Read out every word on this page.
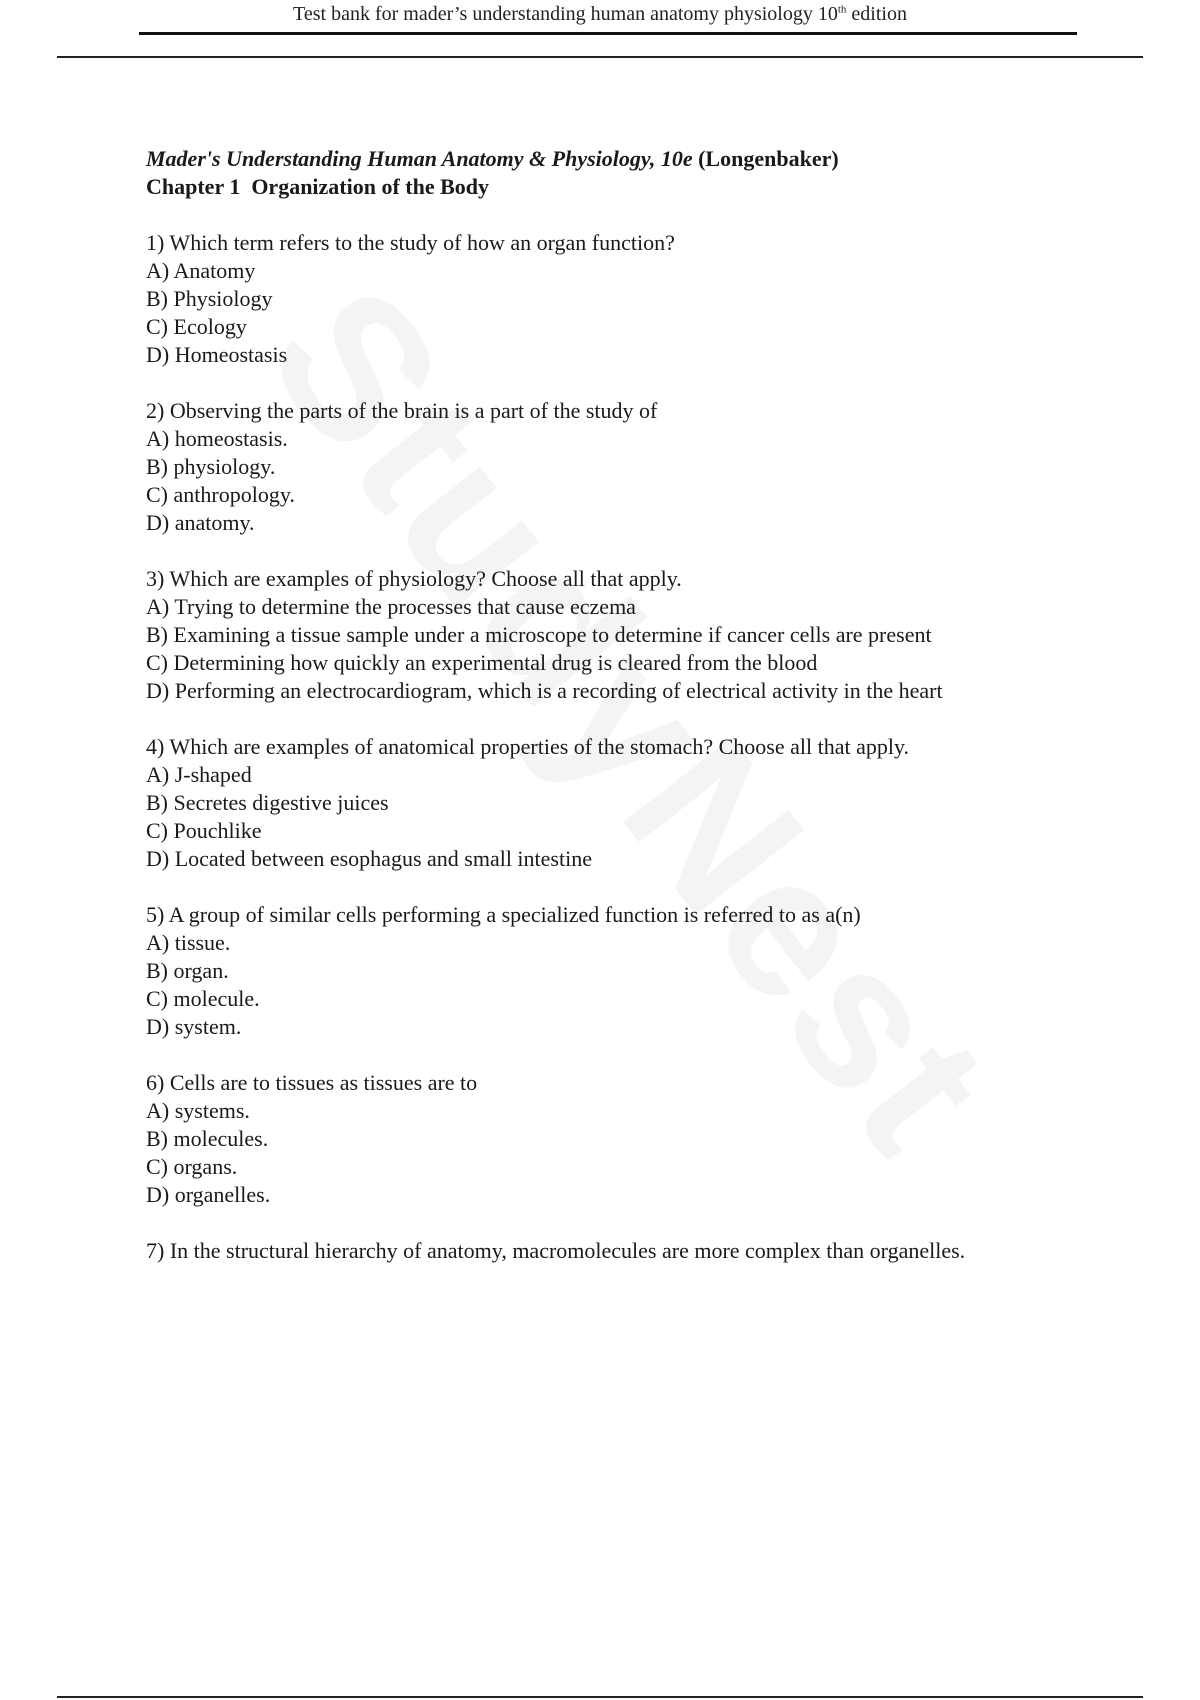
Test bank for mader’s understanding human anatomy physiology 10th edition

Mader's Understanding Human Anatomy & Physiology, 10e (Longenbaker)

Chapter 1  Organization of the Body

1) Which term refers to the study of how an organ function?

A) Anatomy

B) Physiology

C) Ecology

D) Homeostasis

2) Observing the parts of the brain is a part of the study of

A) homeostasis.

B) physiology.

C) anthropology.

D) anatomy.

3) Which are examples of physiology? Choose all that apply.

A) Trying to determine the processes that cause eczema

B) Examining a tissue sample under a microscope to determine if cancer cells are present

C) Determining how quickly an experimental drug is cleared from the blood

D) Performing an electrocardiogram, which is a recording of electrical activity in the heart

4) Which are examples of anatomical properties of the stomach? Choose all that apply.

A) J-shaped

B) Secretes digestive juices

C) Pouchlike

D) Located between esophagus and small intestine

5) A group of similar cells performing a specialized function is referred to as a(n)

A) tissue.

B) organ.

C) molecule.

D) system.

6) Cells are to tissues as tissues are to

A) systems.

B) molecules.

C) organs.

D) organelles.

7) In the structural hierarchy of anatomy, macromolecules are more complex than organelles.
